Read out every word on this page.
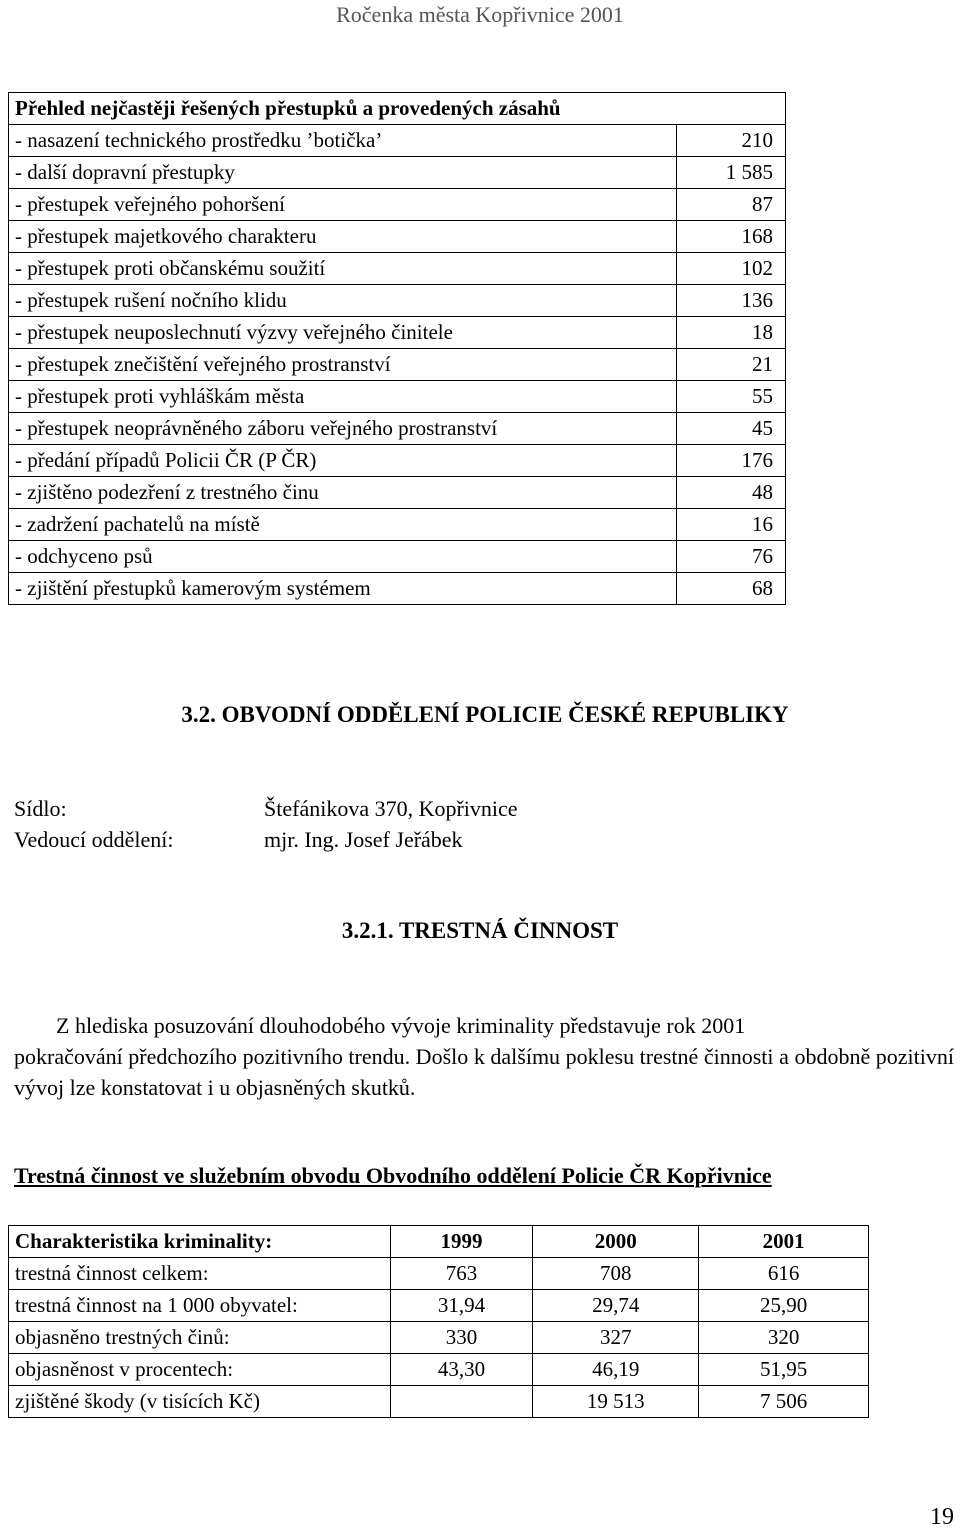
Ročenka města Kopřivnice 2001
Přehled nejčastěji řešených přestupků a provedených zásahů	
- nasazení technického prostředku ’botička’	210
- další dopravní přestupky	1 585
- přestupek veřejného pohoršení	87
- přestupek majetkového charakteru	168
- přestupek proti občanskému soužití	102
- přestupek rušení nočního klidu	136
- přestupek neuposlechnutí výzvy veřejného činitele	18
- přestupek znečištění veřejného prostranství	21
- přestupek proti vyhláškám města	55
- přestupek neoprávněného záboru veřejného prostranství	45
- předání případů Policii ČR (P ČR)	176
- zjištěno podezření z trestného činu	48
- zadržení pachatelů na místě	16
- odchyceno psů	76
- zjištění přestupků kamerovým systémem	68
3.2. OBVODNÍ ODDĚLENÍ POLICIE ČESKÉ REPUBLIKY
Sídlo:	Štefánikova 370, Kopřivnice
Vedoucí oddělení:	mjr. Ing. Josef Jeřábek
3.2.1. TRESTNÁ ČINNOST
Z hlediska posuzování dlouhodobého vývoje kriminality představuje rok 2001
pokračování předchozího pozitivního trendu. Došlo k dalšímu poklesu trestné činnosti a obdobně pozitivní vývoj lze konstatovat i u objasněných skutků.
Trestná činnost ve služebním obvodu Obvodního oddělení Policie ČR Kopřivnice
Charakteristika kriminality:	1999	2000	2001
trestná činnost celkem:	763	708	616
trestná činnost na 1 000 obyvatel:	31,94	29,74	25,90
objasněno trestných činů:	330	327	320
objasněnost v procentech:	43,30	46,19	51,95
zjištěné škody (v tisících Kč)		19 513	7 506
19
